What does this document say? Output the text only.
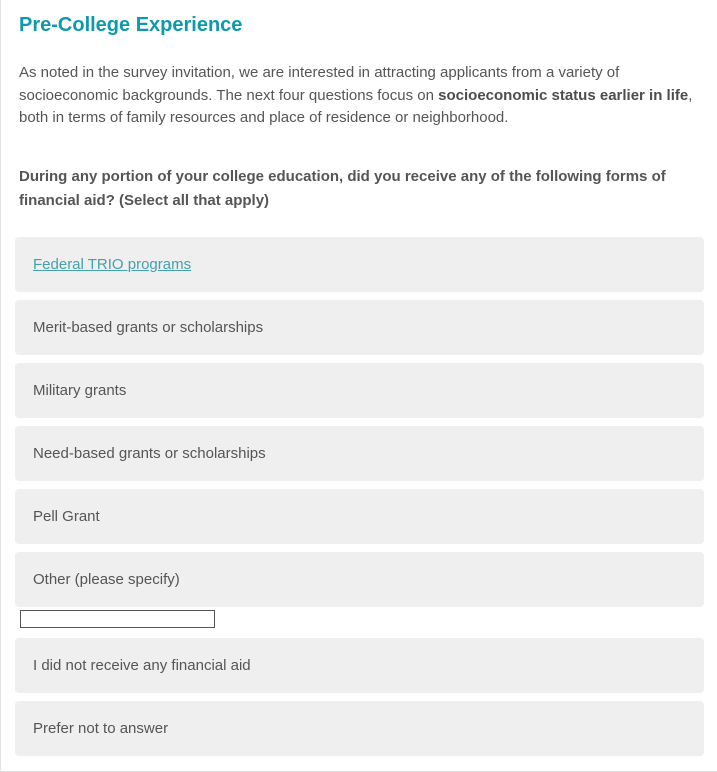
Pre-College Experience

As noted in the survey invitation, we are interested in attracting applicants from a variety of socioeconomic backgrounds. The next four questions focus on socioeconomic status earlier in life, both in terms of family resources and place of residence or neighborhood.

During any portion of your college education, did you receive any of the following forms of financial aid? (Select all that apply)
Federal TRIO programs
Merit-based grants or scholarships
Military grants
Need-based grants or scholarships
Pell Grant
Other (please specify)
I did not receive any financial aid
Prefer not to answer
